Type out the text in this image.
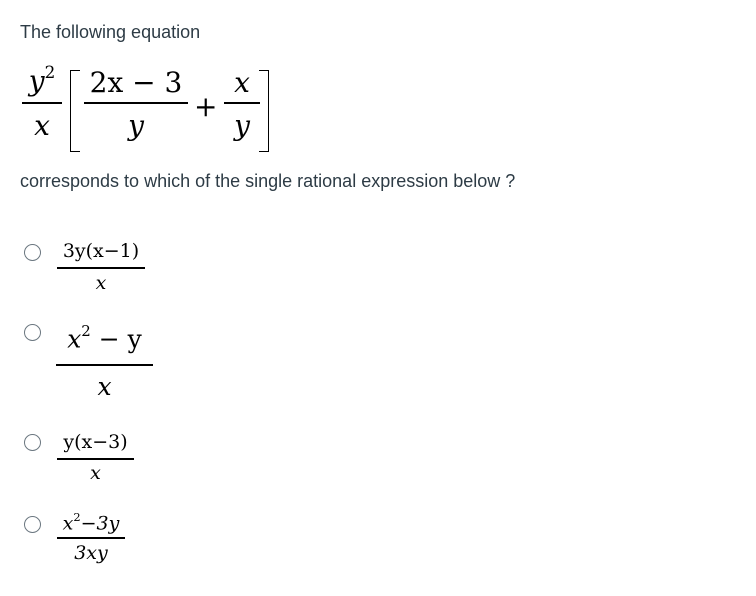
The following equation
$y^2$
x
2x − 3
y
+
x
y
corresponds to which of the single rational expression below ?
3y(x−1)
x
$x^2 - y$
x
y(x−3)
x
$x^2-3y$
3xy
